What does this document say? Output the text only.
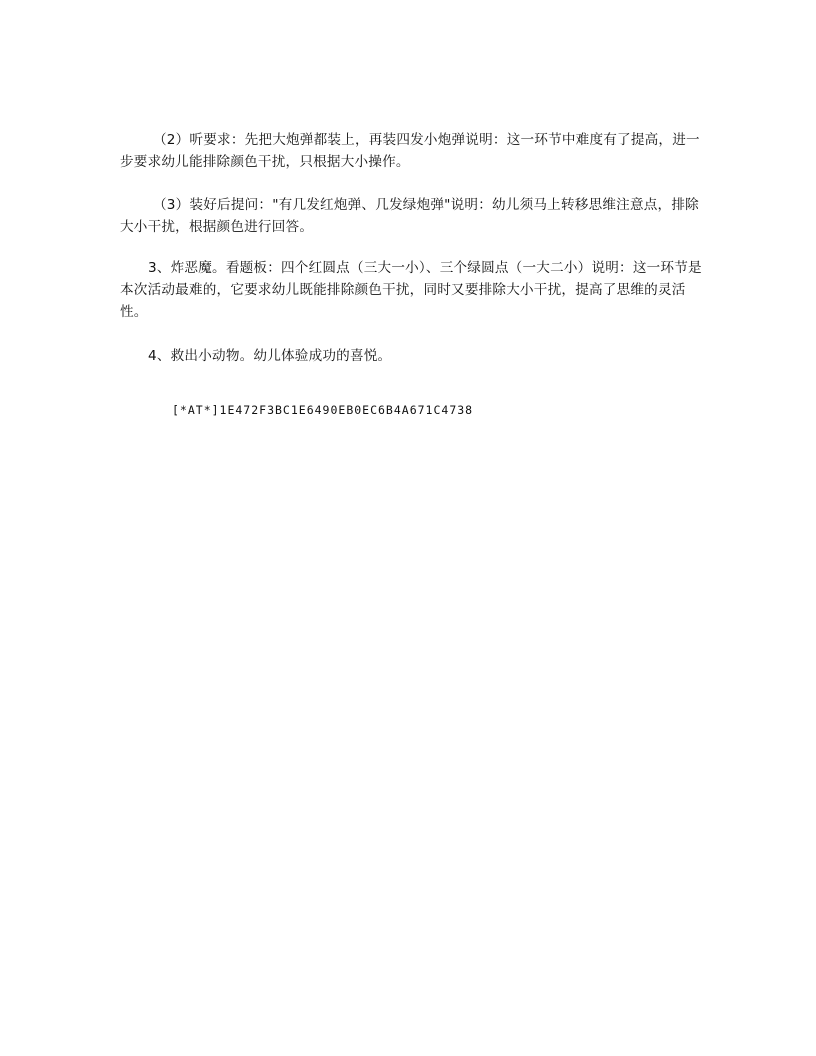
（2）听要求：先把大炮弹都装上，再装四发小炮弹说明：这一环节中难度有了提高，进一步要求幼儿能排除颜色干扰，只根据大小操作。

（3）装好后提问："有几发红炮弹、几发绿炮弹"说明：幼儿须马上转移思维注意点，排除大小干扰，根据颜色进行回答。

3、炸恶魔。看题板：四个红圆点（三大一小）、三个绿圆点（一大二小）说明：这一环节是本次活动最难的，它要求幼儿既能排除颜色干扰，同时又要排除大小干扰，提高了思维的灵活性。

4、救出小动物。幼儿体验成功的喜悦。

[*AT*]1E472F3BC1E6490EB0EC6B4A671C4738
